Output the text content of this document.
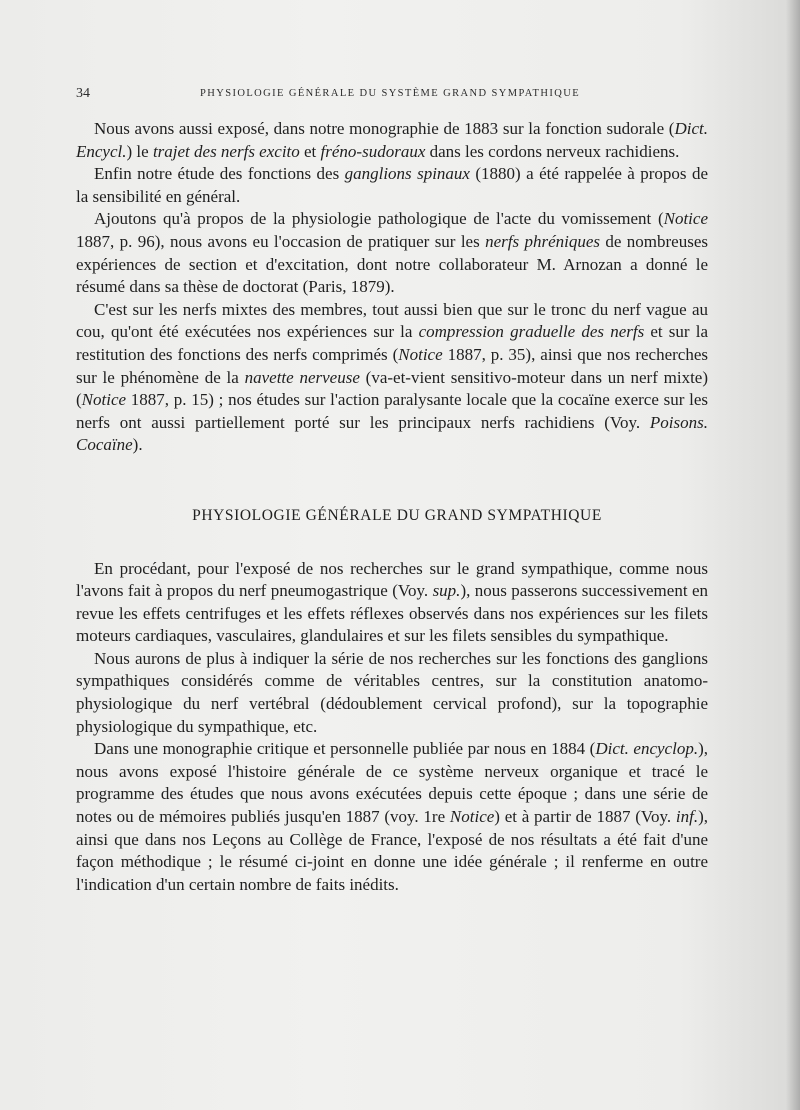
34	PHYSIOLOGIE GÉNÉRALE DU SYSTÈME GRAND SYMPATHIQUE

Nous avons aussi exposé, dans notre monographie de 1883 sur la fonction sudorale (Dict. Encycl.) le trajet des nerfs excito et fréno-sudoraux dans les cordons nerveux rachidiens.

Enfin notre étude des fonctions des ganglions spinaux (1880) a été rappelée à propos de la sensibilité en général.

Ajoutons qu'à propos de la physiologie pathologique de l'acte du vomissement (Notice 1887, p. 96), nous avons eu l'occasion de pratiquer sur les nerfs phréniques de nombreuses expériences de section et d'excitation, dont notre collaborateur M. Arnozan a donné le résumé dans sa thèse de doctorat (Paris, 1879).

C'est sur les nerfs mixtes des membres, tout aussi bien que sur le tronc du nerf vague au cou, qu'ont été exécutées nos expériences sur la compression graduelle des nerfs et sur la restitution des fonctions des nerfs comprimés (Notice 1887, p. 35), ainsi que nos recherches sur le phénomène de la navette nerveuse (va-et-vient sensitivo-moteur dans un nerf mixte) (Notice 1887, p. 15) ; nos études sur l'action paralysante locale que la cocaïne exerce sur les nerfs ont aussi partiellement porté sur les principaux nerfs rachidiens (Voy. Poisons. Cocaïne).

PHYSIOLOGIE GÉNÉRALE DU GRAND SYMPATHIQUE

En procédant, pour l'exposé de nos recherches sur le grand sympathique, comme nous l'avons fait à propos du nerf pneumogastrique (Voy. sup.), nous passerons successivement en revue les effets centrifuges et les effets réflexes observés dans nos expériences sur les filets moteurs cardiaques, vasculaires, glandulaires et sur les filets sensibles du sympathique.

Nous aurons de plus à indiquer la série de nos recherches sur les fonctions des ganglions sympathiques considérés comme de véritables centres, sur la constitution anatomo-physiologique du nerf vertébral (dédoublement cervical profond), sur la topographie physiologique du sympathique, etc.

Dans une monographie critique et personnelle publiée par nous en 1884 (Dict. encyclop.), nous avons exposé l'histoire générale de ce système nerveux organique et tracé le programme des études que nous avons exécutées depuis cette époque ; dans une série de notes ou de mémoires publiés jusqu'en 1887 (voy. 1re Notice) et à partir de 1887 (Voy. inf.), ainsi que dans nos Leçons au Collège de France, l'exposé de nos résultats a été fait d'une façon méthodique ; le résumé ci-joint en donne une idée générale ; il renferme en outre l'indication d'un certain nombre de faits inédits.
